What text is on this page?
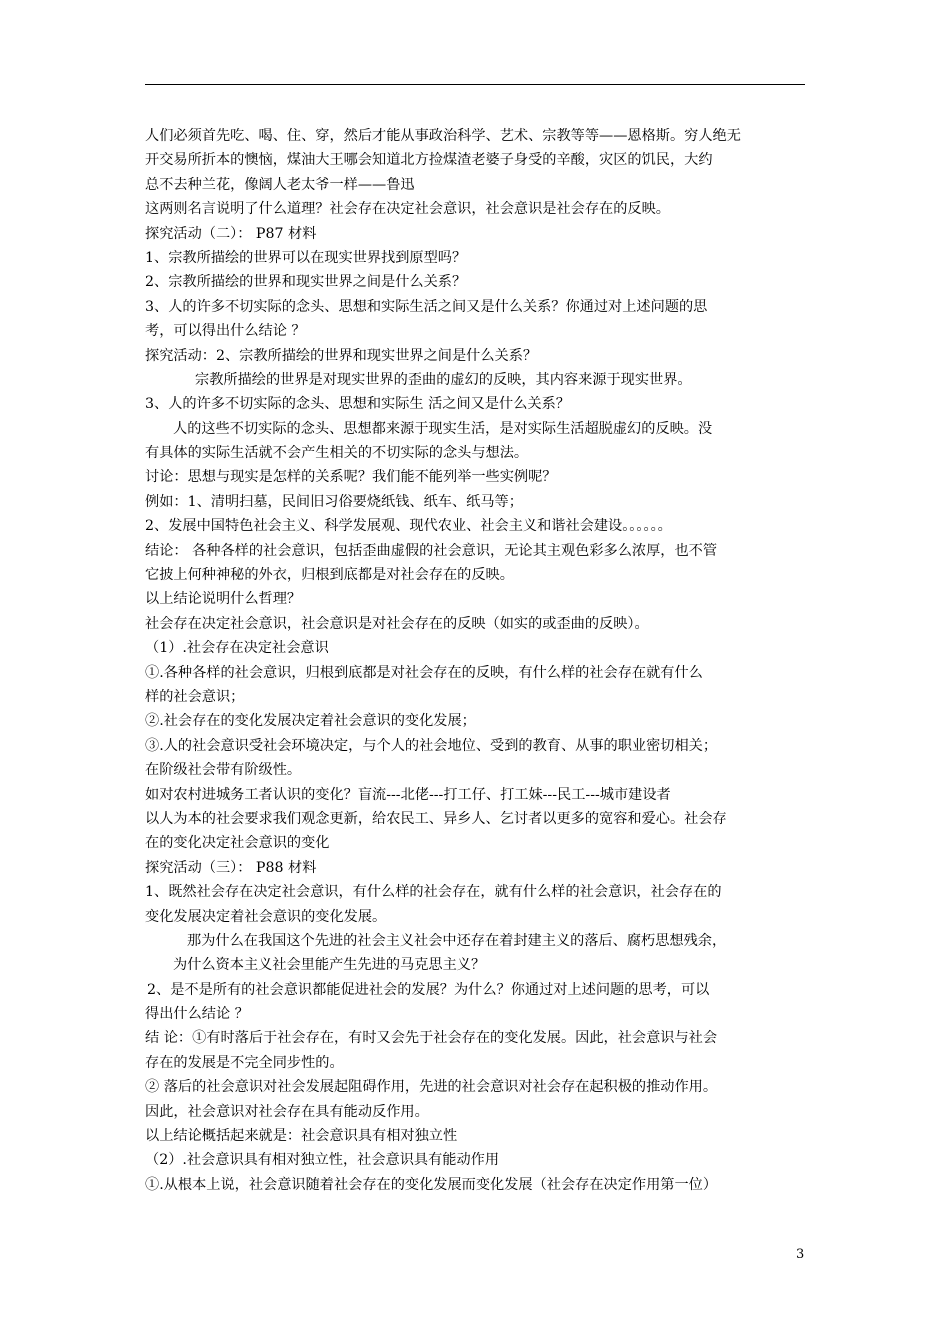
人们必须首先吃、喝、住、穿，然后才能从事政治科学、艺术、宗教等等——恩格斯。穷人绝无
开交易所折本的懊恼，煤油大王哪会知道北方捡煤渣老婆子身受的辛酸，灾区的饥民，大约
总不去种兰花，像阔人老太爷一样——鲁迅
这两则名言说明了什么道理？社会存在决定社会意识，社会意识是社会存在的反映。
探究活动（二）： P87 材料
1、宗教所描绘的世界可以在现实世界找到原型吗？
2、宗教所描绘的世界和现实世界之间是什么关系？
3、人的许多不切实际的念头、思想和实际生活之间又是什么关系？你通过对上述问题的思
考，可以得出什么结论 ？
探究活动：2、宗教所描绘的世界和现实世界之间是什么关系？
宗教所描绘的世界是对现实世界的歪曲的虚幻的反映，其内容来源于现实世界。
3、人的许多不切实际的念头、思想和实际生 活之间又是什么关系？
人的这些不切实际的念头、思想都来源于现实生活，是对实际生活超脱虚幻的反映。没
有具体的实际生活就不会产生相关的不切实际的念头与想法。
讨论：思想与现实是怎样的关系呢？我们能不能列举一些实例呢？
例如：1、清明扫墓，民间旧习俗要烧纸钱、纸车、纸马等；
2、发展中国特色社会主义、科学发展观、现代农业、社会主义和谐社会建设。。。。。。
结论： 各种各样的社会意识，包括歪曲虚假的社会意识，无论其主观色彩多么浓厚，也不管
它披上何种神秘的外衣，归根到底都是对社会存在的反映。
以上结论说明什么哲理？
社会存在决定社会意识，社会意识是对社会存在的反映（如实的或歪曲的反映）。
（1）.社会存在决定社会意识
①.各种各样的社会意识，归根到底都是对社会存在的反映，有什么样的社会存在就有什么
样的社会意识；
②.社会存在的变化发展决定着社会意识的变化发展；
③.人的社会意识受社会环境决定，与个人的社会地位、受到的教育、从事的职业密切相关；
在阶级社会带有阶级性。
如对农村进城务工者认识的变化？盲流---北佬---打工仔、打工妹---民工---城市建设者
以人为本的社会要求我们观念更新，给农民工、异乡人、乞讨者以更多的宽容和爱心。社会存
在的变化决定社会意识的变化
探究活动（三）： P88 材料
1、既然社会存在决定社会意识，有什么样的社会存在，就有什么样的社会意识，社会存在的
变化发展决定着社会意识的变化发展。
那为什么在我国这个先进的社会主义社会中还存在着封建主义的落后、腐朽思想残余，
为什么资本主义社会里能产生先进的马克思主义？
2、是不是所有的社会意识都能促进社会的发展？为什么？你通过对上述问题的思考，可以
得出什么结论 ？
结 论：①有时落后于社会存在，有时又会先于社会存在的变化发展。因此，社会意识与社会
存在的发展是不完全同步性的。
② 落后的社会意识对社会发展起阻碍作用，先进的社会意识对社会存在起积极的推动作用。
因此，社会意识对社会存在具有能动反作用。
以上结论概括起来就是：社会意识具有相对独立性
（2）.社会意识具有相对独立性，社会意识具有能动作用
①.从根本上说，社会意识随着社会存在的变化发展而变化发展（社会存在决定作用第一位）
3
